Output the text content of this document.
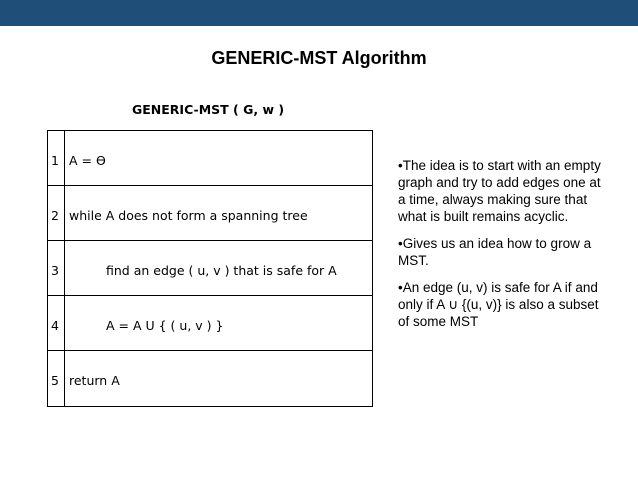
GENERIC-MST Algorithm
GENERIC-MST ( G, w )
1 A = Ɵ
2 while A does not form a spanning tree
3	find an edge ( u, v ) that is safe for A
4	A = A U { ( u, v ) }
5 return A

•The idea is to start with an empty graph and try to add edges one at a time, always making sure that what is built remains acyclic.

•Gives us an idea how to grow a MST.

•An edge (u, v) is safe for A if and only if A ∪ {(u, v)} is also a subset of some MST
